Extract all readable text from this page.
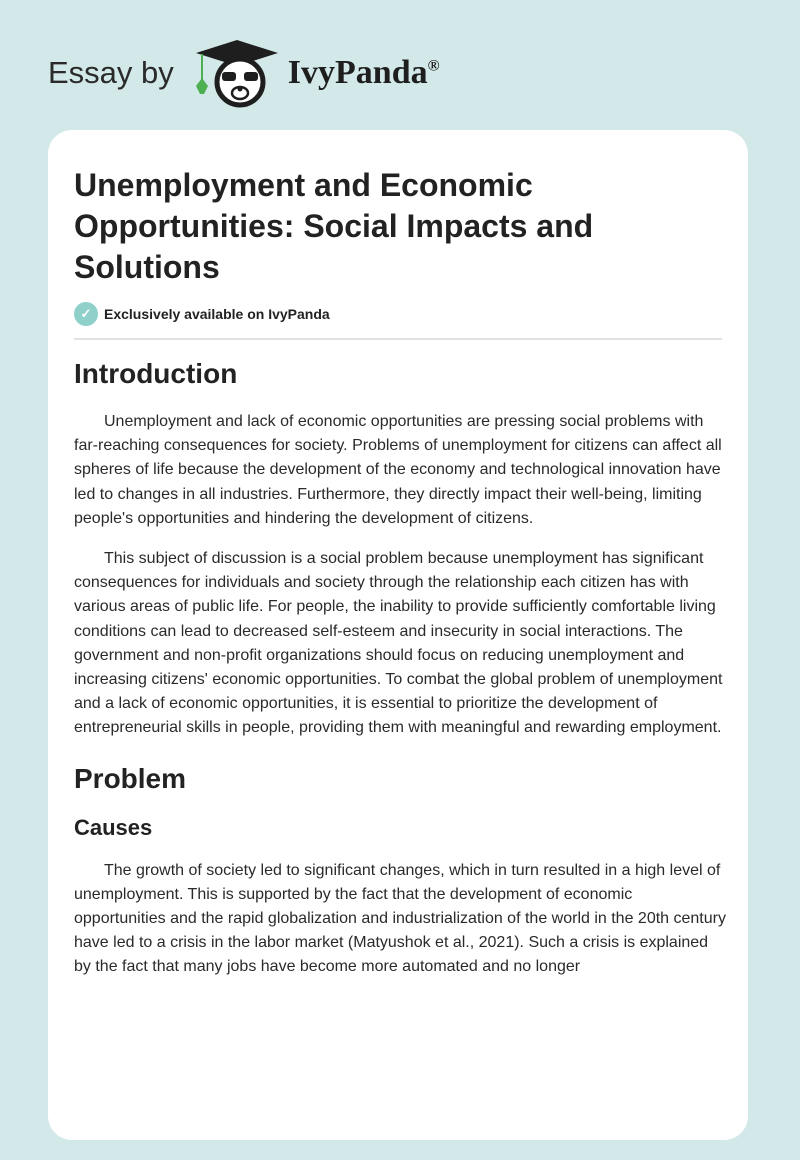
Essay by	IvyPanda®
Unemployment and Economic Opportunities: Social Impacts and Solutions
✓ Exclusively available on IvyPanda
Introduction

Unemployment and lack of economic opportunities are pressing social problems with far-reaching consequences for society. Problems of unemployment for citizens can affect all spheres of life because the development of the economy and technological innovation have led to changes in all industries. Furthermore, they directly impact their well-being, limiting people's opportunities and hindering the development of citizens.

This subject of discussion is a social problem because unemployment has significant consequences for individuals and society through the relationship each citizen has with various areas of public life. For people, the inability to provide sufficiently comfortable living conditions can lead to decreased self-esteem and insecurity in social interactions. The government and non-profit organizations should focus on reducing unemployment and increasing citizens' economic opportunities. To combat the global problem of unemployment and a lack of economic opportunities, it is essential to prioritize the development of entrepreneurial skills in people, providing them with meaningful and rewarding employment.

Problem
Causes

The growth of society led to significant changes, which in turn resulted in a high level of unemployment. This is supported by the fact that the development of economic opportunities and the rapid globalization and industrialization of the world in the 20th century have led to a crisis in the labor market (Matyushok et al., 2021). Such a crisis is explained by the fact that many jobs have become more automated and no longer
